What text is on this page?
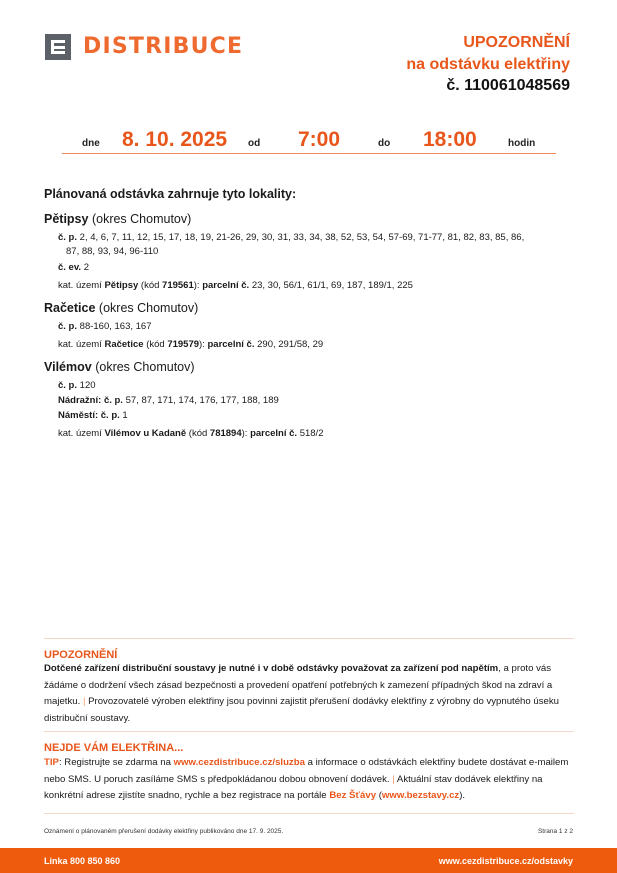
DISTRIBUCE	UPOZORNĚNÍ
na odstávku elektřiny
č. 110061048569
dne 8. 10. 2025 od 7:00	do 18:00	hodin
Plánovaná odstávka zahrnuje tyto lokality:
Pětipsy (okres Chomutov)
č. p. 2, 4, 6, 7, 11, 12, 15, 17, 18, 19, 21-26, 29, 30, 31, 33, 34, 38, 52, 53, 54, 57-69, 71-77, 81, 82, 83, 85, 86,
87, 88, 93, 94, 96-110
č. ev. 2
kat. území Pětipsy (kód 719561): parcelní č. 23, 30, 56/1, 61/1, 69, 187, 189/1, 225
Račetice (okres Chomutov)
č. p. 88-160, 163, 167
kat. území Račetice (kód 719579): parcelní č. 290, 291/58, 29
Vilémov (okres Chomutov)
č. p. 120
Nádražní: č. p. 57, 87, 171, 174, 176, 177, 188, 189
Náměstí: č. p. 1
kat. území Vilémov u Kadaně (kód 781894): parcelní č. 518/2
UPOZORNĚNÍ
Dotčené zařízení distribuční soustavy je nutné i v době odstávky považovat za zařízení pod napětím, a proto vás žádáme o dodržení všech zásad bezpečnosti a provedení opatření potřebných k zamezení případných škod na zdraví a majetku. | Provozovatelé výroben elektřiny jsou povinni zajistit přerušení dodávky elektřiny z výrobny do vypnutého úseku distribuční soustavy.
NEJDE VÁM ELEKTŘINA...
TIP: Registrujte se zdarma na www.cezdistribuce.cz/sluzba a informace o odstávkách elektřiny budete dostávat e-mailem nebo SMS. U poruch zasíláme SMS s předpokládanou dobou obnovení dodávek. | Aktuální stav dodávek elektřiny na konkrétní adrese zjistíte snadno, rychle a bez registrace na portále Bez Šťávy (www.bezstavy.cz).
Oznámení o plánovaném přerušení dodávky elektřiny publikováno dne 17. 9. 2025.	Strana 1 z 2
Linka 800 850 860	www.cezdistribuce.cz/odstavky
